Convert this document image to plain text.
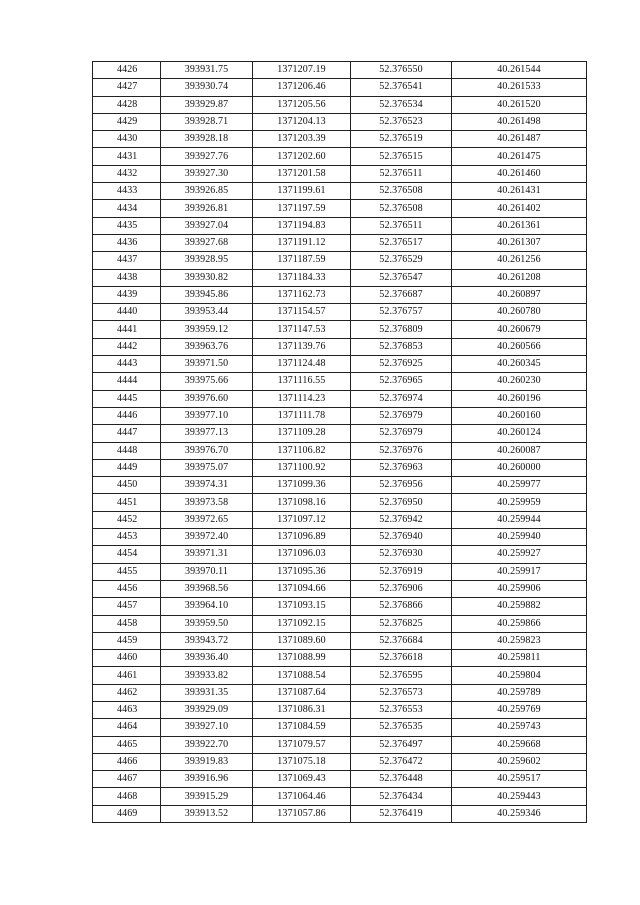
4426	393931.75	1371207.19	52.376550	40.261544
4427	393930.74	1371206.46	52.376541	40.261533
4428	393929.87	1371205.56	52.376534	40.261520
4429	393928.71	1371204.13	52.376523	40.261498
4430	393928.18	1371203.39	52.376519	40.261487
4431	393927.76	1371202.60	52.376515	40.261475
4432	393927.30	1371201.58	52.376511	40.261460
4433	393926.85	1371199.61	52.376508	40.261431
4434	393926.81	1371197.59	52.376508	40.261402
4435	393927.04	1371194.83	52.376511	40.261361
4436	393927.68	1371191.12	52.376517	40.261307
4437	393928.95	1371187.59	52.376529	40.261256
4438	393930.82	1371184.33	52.376547	40.261208
4439	393945.86	1371162.73	52.376687	40.260897
4440	393953.44	1371154.57	52.376757	40.260780
4441	393959.12	1371147.53	52.376809	40.260679
4442	393963.76	1371139.76	52.376853	40.260566
4443	393971.50	1371124.48	52.376925	40.260345
4444	393975.66	1371116.55	52.376965	40.260230
4445	393976.60	1371114.23	52.376974	40.260196
4446	393977.10	1371111.78	52.376979	40.260160
4447	393977.13	1371109.28	52.376979	40.260124
4448	393976.70	1371106.82	52.376976	40.260087
4449	393975.07	1371100.92	52.376963	40.260000
4450	393974.31	1371099.36	52.376956	40.259977
4451	393973.58	1371098.16	52.376950	40.259959
4452	393972.65	1371097.12	52.376942	40.259944
4453	393972.40	1371096.89	52.376940	40.259940
4454	393971.31	1371096.03	52.376930	40.259927
4455	393970.11	1371095.36	52.376919	40.259917
4456	393968.56	1371094.66	52.376906	40.259906
4457	393964.10	1371093.15	52.376866	40.259882
4458	393959.50	1371092.15	52.376825	40.259866
4459	393943.72	1371089.60	52.376684	40.259823
4460	393936.40	1371088.99	52.376618	40.259811
4461	393933.82	1371088.54	52.376595	40.259804
4462	393931.35	1371087.64	52.376573	40.259789
4463	393929.09	1371086.31	52.376553	40.259769
4464	393927.10	1371084.59	52.376535	40.259743
4465	393922.70	1371079.57	52.376497	40.259668
4466	393919.83	1371075.18	52.376472	40.259602
4467	393916.96	1371069.43	52.376448	40.259517
4468	393915.29	1371064.46	52.376434	40.259443
4469	393913.52	1371057.86	52.376419	40.259346
